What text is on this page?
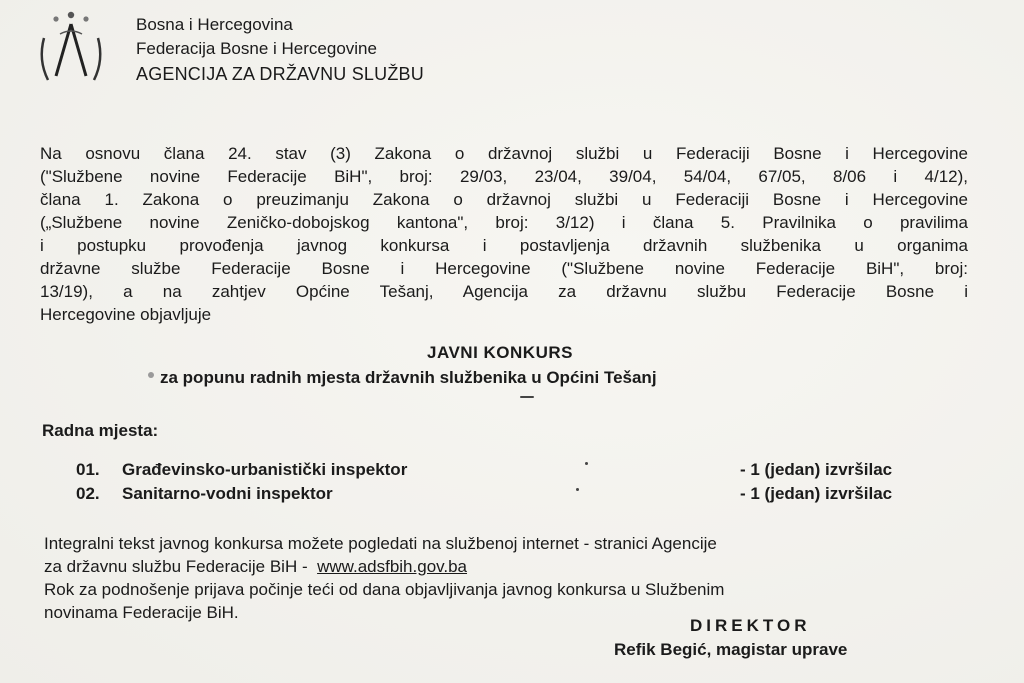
Bosna i Hercegovina
Federacija Bosne i Hercegovine
AGENCIJA ZA DRŽAVNU SLUŽBU
Na osnovu člana 24. stav (3) Zakona o državnoj službi u Federaciji Bosne i Hercegovine
("Službene novine Federacije BiH", broj: 29/03, 23/04, 39/04, 54/04, 67/05, 8/06 i 4/12),
člana 1. Zakona o preuzimanju Zakona o državnoj službi u Federaciji Bosne i Hercegovine
(„Službene novine Zeničko-dobojskog kantona", broj: 3/12) i člana 5. Pravilnika o pravilima
i postupku provođenja javnog konkursa i postavljenja državnih službenika u organima
državne službe Federacije Bosne i Hercegovine ("Službene novine Federacije BiH", broj:
13/19), a na zahtjev Općine Tešanj, Agencija za državnu službu Federacije Bosne i
Hercegovine objavljuje
JAVNI KONKURS
za popunu radnih mjesta državnih službenika u Općini Tešanj
Radna mjesta:
01. Građevinsko-urbanistički inspektor	- 1 (jedan) izvršilac
02. Sanitarno-vodni inspektor	- 1 (jedan) izvršilac
Integralni tekst javnog konkursa možete pogledati na službenoj internet - stranici Agencije
za državnu službu Federacije BiH - www.adsfbih.gov.ba
Rok za podnošenje prijava počinje teći od dana objavljivanja javnog konkursa u Službenim
novinama Federacije BiH.
DIREKTOR
Refik Begić, magistar uprave
